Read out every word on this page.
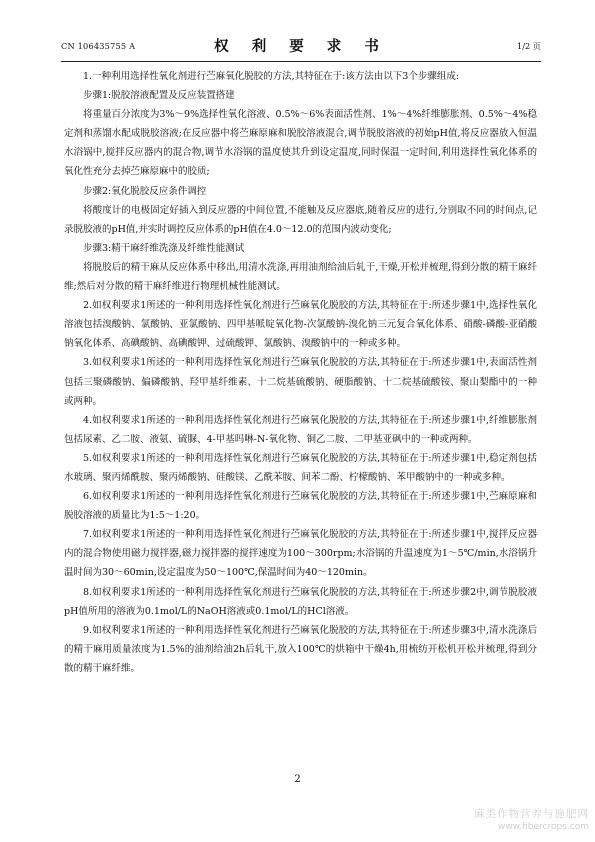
CN 106435755 A	权 利 要 求 书	1/2 页

1.一种利用选择性氧化剂进行苎麻氧化脱胶的方法,其特征在于:该方法由以下3个步骤组成:

步骤1:脱胶溶液配置及反应装置搭建

将重量百分浓度为3%～9%选择性氧化溶液、0.5%～6%表面活性剂、1%～4%纤维膨胀剂、0.5%～4%稳定剂和蒸馏水配成脱胶溶液;在反应器中将苎麻原麻和脱胶溶液混合,调节脱胶溶液的初始pH值,将反应器放入恒温水浴锅中,搅拌反应器内的混合物,调节水浴锅的温度使其升到设定温度,同时保温一定时间,利用选择性氧化体系的氧化性充分去掉苎麻原麻中的胶质;

步骤2:氧化脱胶反应条件调控

将酸度计的电极固定好插入到反应器的中间位置,不能触及反应器底,随着反应的进行,分别取不同的时间点,记录脱胶液的pH值,并实时调控反应体系的pH值在4.0～12.0的范围内波动变化;

步骤3:精干麻纤维洗涤及纤维性能测试

将脱胶后的精干麻从反应体系中移出,用清水洗涤,再用油剂给油后轧干,干燥,开松并梳理,得到分散的精干麻纤维;然后对分散的精干麻纤维进行物理机械性能测试。

2.如权利要求1所述的一种利用选择性氧化剂进行苎麻氧化脱胶的方法,其特征在于:所述步骤1中,选择性氧化溶液包括溴酸钠、氯酸钠、亚氯酸钠、四甲基哌啶氧化物-次氯酸钠-溴化钠三元复合氧化体系、硝酸-磷酸-亚硝酸钠氧化体系、高碘酸钠、高碘酸钾、过硫酸钾、氯酸钠、溴酸钠中的一种或多种。

3.如权利要求1所述的一种利用选择性氧化剂进行苎麻氧化脱胶的方法,其特征在于:所述步骤1中,表面活性剂包括三聚磷酸钠、偏磷酸钠、羟甲基纤维素、十二烷基硫酸钠、硬脂酸钠、十二烷基硫酸铵、聚山梨酯中的一种或两种。

4.如权利要求1所述的一种利用选择性氧化剂进行苎麻氧化脱胶的方法,其特征在于:所述步骤1中,纤维膨胀剂包括尿素、乙二胺、液氨、硫脲、4-甲基吗啉-N-氧化物、铜乙二胺、二甲基亚砜中的一种或两种。

5.如权利要求1所述的一种利用选择性氧化剂进行苎麻氧化脱胶的方法,其特征在于:所述步骤1中,稳定剂包括水玻璃、聚丙烯酰胺、聚丙烯酸钠、硅酸镁、乙酰苯胺、间苯二酚、柠檬酸钠、苯甲酸钠中的一种或多种。

6.如权利要求1所述的一种利用选择性氧化剂进行苎麻氧化脱胶的方法,其特征在于:所述步骤1中,苎麻原麻和脱胶溶液的质量比为1:5～1:20。

7.如权利要求1所述的一种利用选择性氧化剂进行苎麻氧化脱胶的方法,其特征在于:所述步骤1中,搅拌反应器内的混合物使用磁力搅拌器,磁力搅拌器的搅拌速度为100～300rpm;水浴锅的升温速度为1～5℃/min,水浴锅升温时间为30～60min,设定温度为50～100℃,保温时间为40～120min。

8.如权利要求1所述的一种利用选择性氧化剂进行苎麻氧化脱胶的方法,其特征在于:所述步骤2中,调节脱胶液pH值所用的溶液为0.1mol/L的NaOH溶液或0.1mol/L的HCl溶液。

9.如权利要求1所述的一种利用选择性氧化剂进行苎麻氧化脱胶的方法,其特征在于:所述步骤3中,清水洗涤后的精干麻用质量浓度为1.5%的油剂给油2h后轧干,放入100℃的烘箱中干燥4h,用梳纺开松机开松并梳理,得到分散的精干麻纤维。

2
麻类作物营养与施肥网
www.fibercrops.com
